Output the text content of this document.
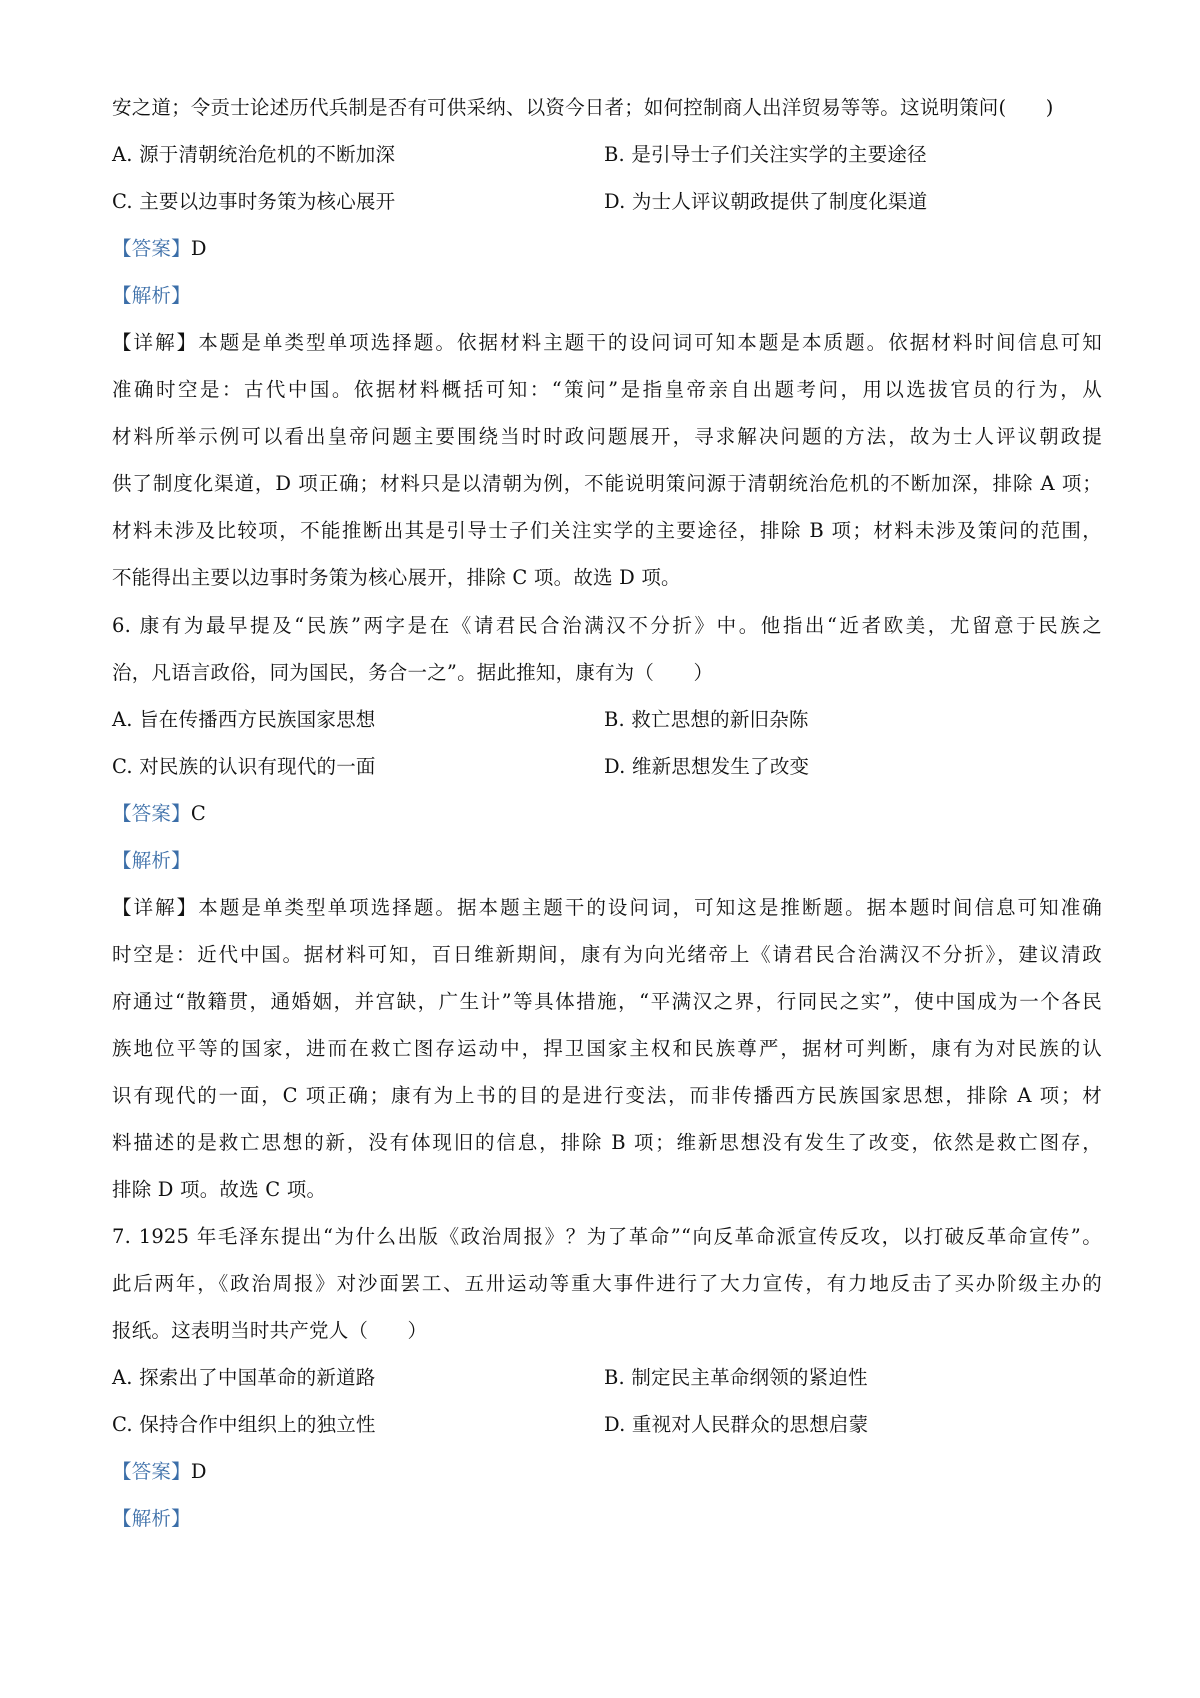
安之道；令贡士论述历代兵制是否有可供采纳、以资今日者；如何控制商人出洋贸易等等。这说明策问(　　)
A. 源于清朝统治危机的不断加深	B. 是引导士子们关注实学的主要途径
C. 主要以边事时务策为核心展开	D. 为士人评议朝政提供了制度化渠道
【答案】D
【解析】
【详解】本题是单类型单项选择题。依据材料主题干的设问词可知本题是本质题。依据材料时间信息可知
准确时空是：古代中国。依据材料概括可知：“策问”是指皇帝亲自出题考问，用以选拔官员的行为，从
材料所举示例可以看出皇帝问题主要围绕当时时政问题展开，寻求解决问题的方法，故为士人评议朝政提
供了制度化渠道，D 项正确；材料只是以清朝为例，不能说明策问源于清朝统治危机的不断加深，排除 A 项；
材料未涉及比较项，不能推断出其是引导士子们关注实学的主要途径，排除 B 项；材料未涉及策问的范围，
不能得出主要以边事时务策为核心展开，排除 C 项。故选 D 项。
6. 康有为最早提及“民族”两字是在《请君民合治满汉不分折》中。他指出“近者欧美，尤留意于民族之
治，凡语言政俗，同为国民，务合一之”。据此推知，康有为（　　）
A. 旨在传播西方民族国家思想	B. 救亡思想的新旧杂陈
C. 对民族的认识有现代的一面	D. 维新思想发生了改变
【答案】C
【解析】
【详解】本题是单类型单项选择题。据本题主题干的设问词，可知这是推断题。据本题时间信息可知准确
时空是：近代中国。据材料可知，百日维新期间，康有为向光绪帝上《请君民合治满汉不分折》，建议清政
府通过“散籍贯，通婚姻，并宫缺，广生计”等具体措施，“平满汉之界，行同民之实”，使中国成为一个各民
族地位平等的国家，进而在救亡图存运动中，捍卫国家主权和民族尊严，据材可判断，康有为对民族的认
识有现代的一面，C 项正确；康有为上书的目的是进行变法，而非传播西方民族国家思想，排除 A 项；材
料描述的是救亡思想的新，没有体现旧的信息，排除 B 项；维新思想没有发生了改变，依然是救亡图存，
排除 D 项。故选 C 项。
7. 1925 年毛泽东提出“为什么出版《政治周报》？为了革命”“向反革命派宣传反攻，以打破反革命宣传”。
此后两年，《政治周报》对沙面罢工、五卅运动等重大事件进行了大力宣传，有力地反击了买办阶级主办的
报纸。这表明当时共产党人（　　）
A. 探索出了中国革命的新道路	B. 制定民主革命纲领的紧迫性
C. 保持合作中组织上的独立性	D. 重视对人民群众的思想启蒙
【答案】D
【解析】
